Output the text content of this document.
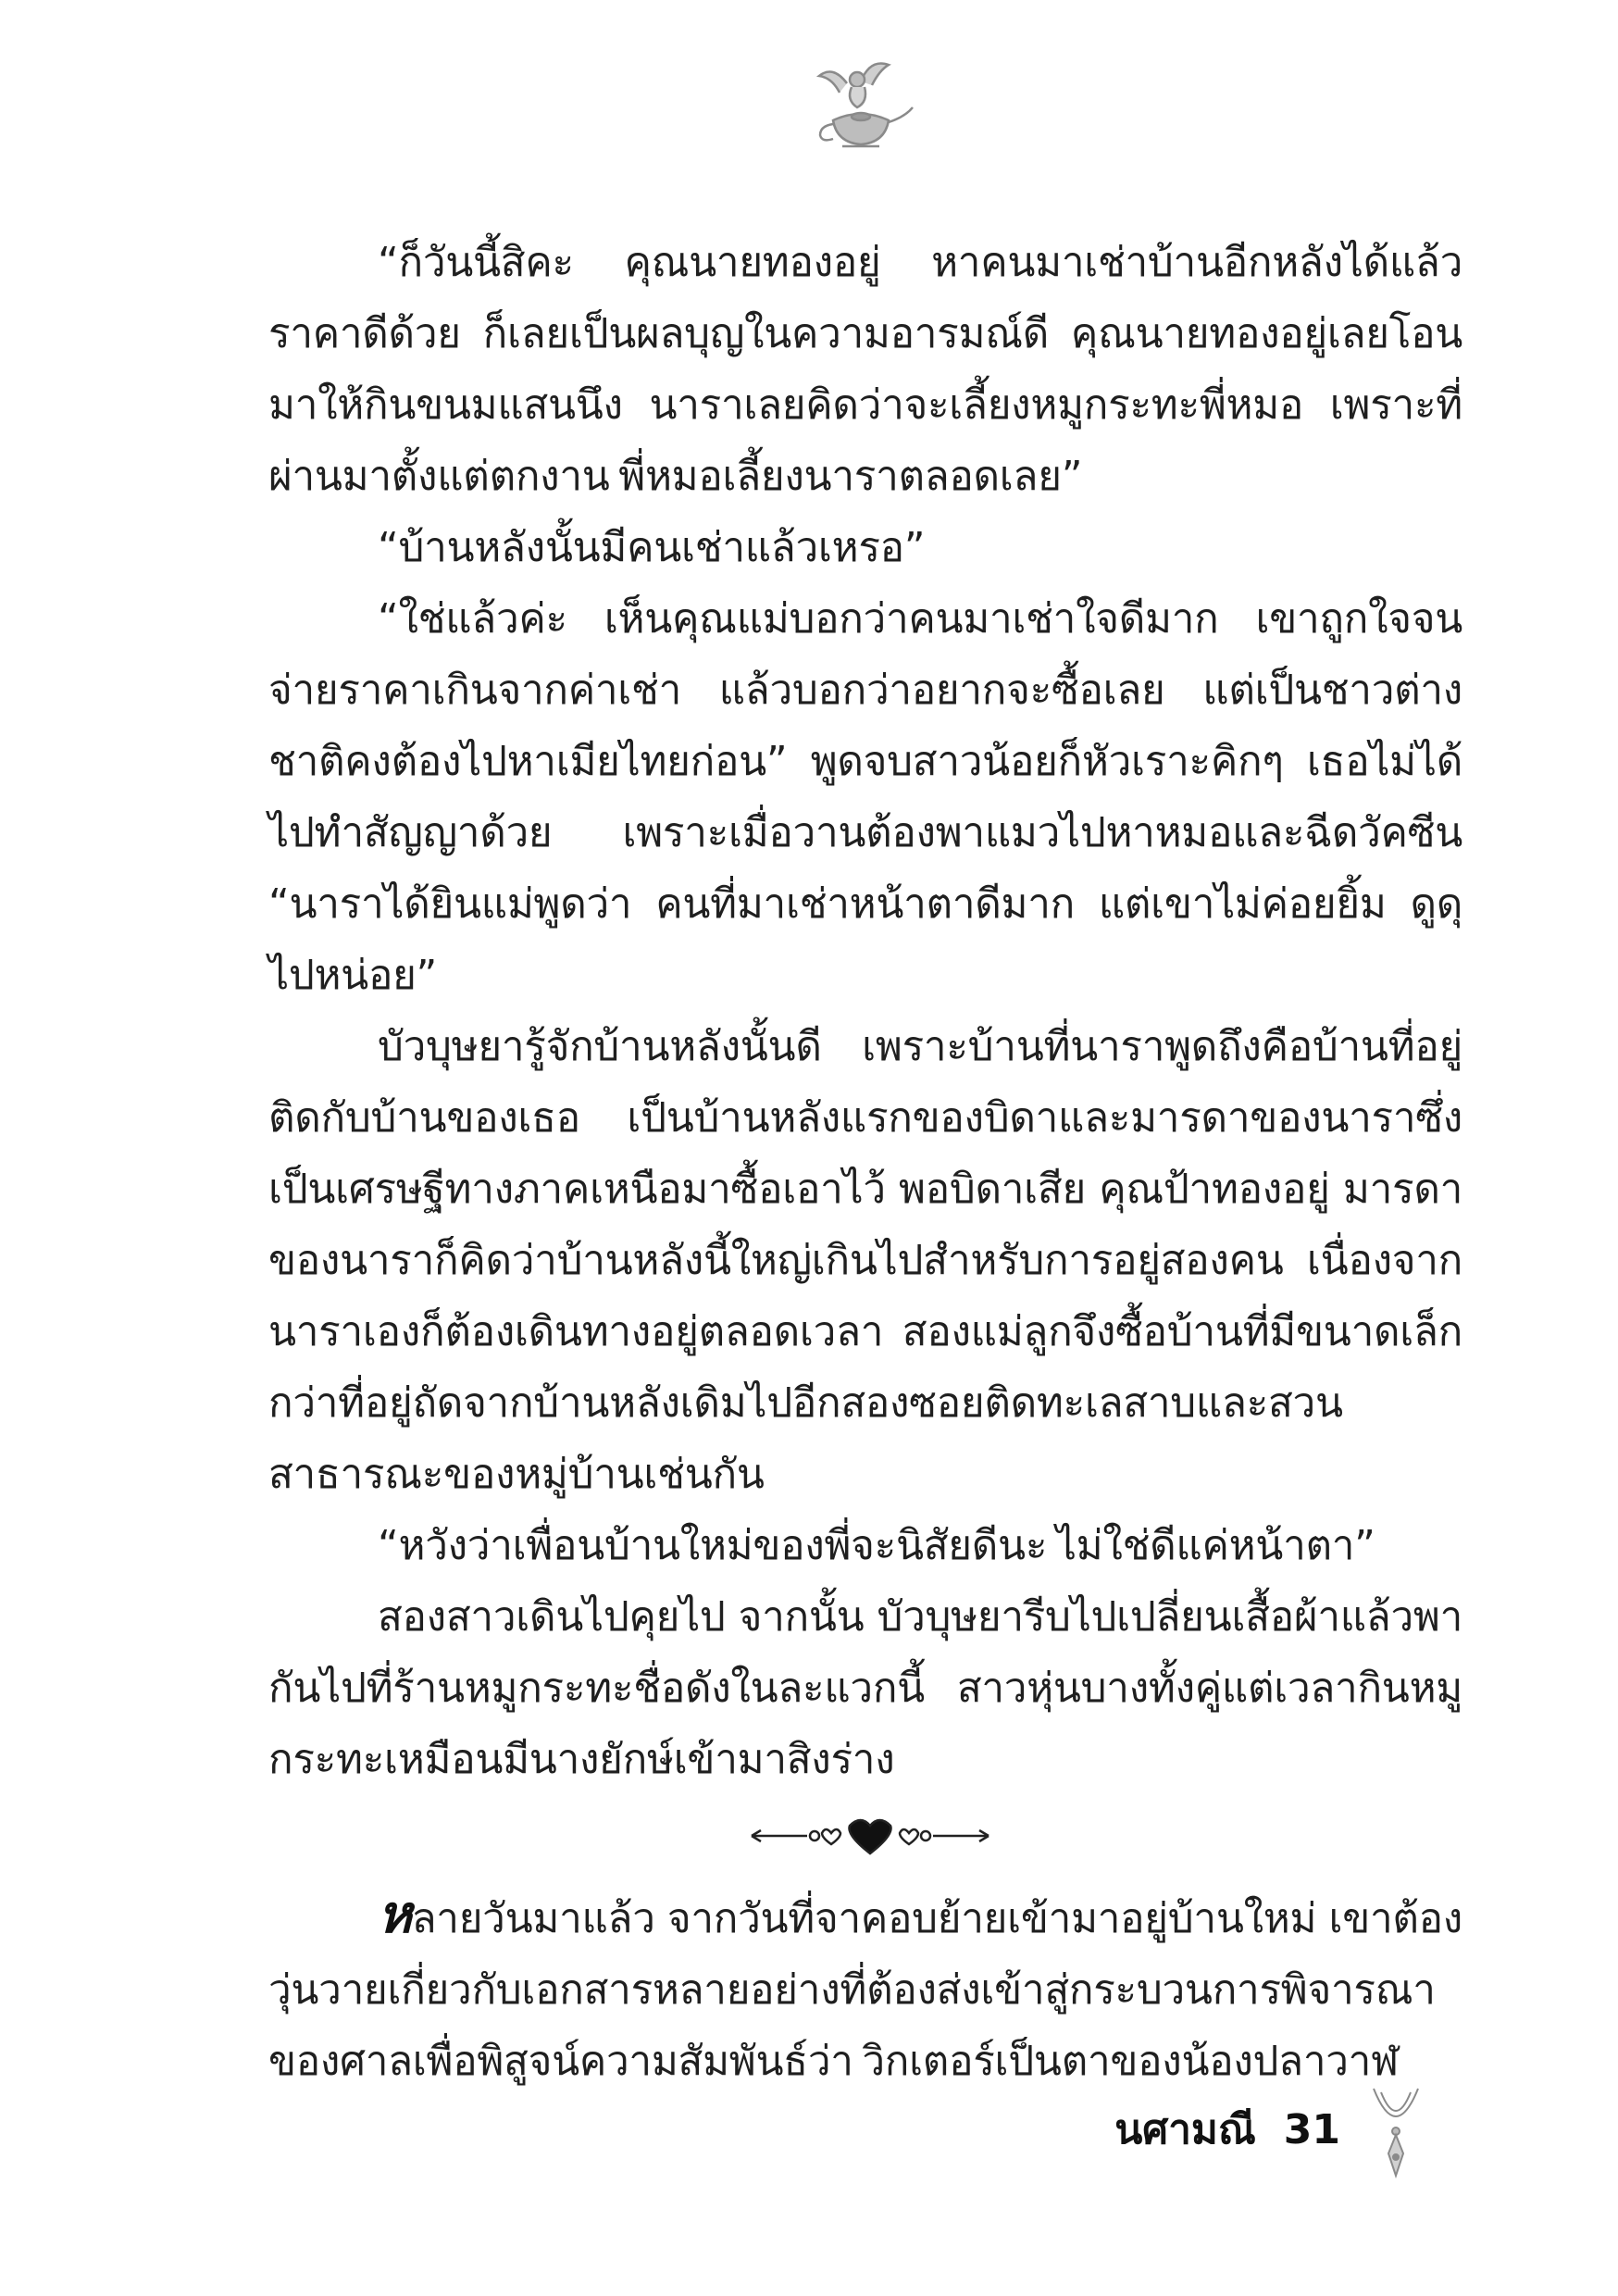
“ก็วันนี้สิคะ คุณนายทองอยู่ หาคนมาเช่าบ้านอีกหลังได้แล้ว ราคาดีด้วย ก็เลยเป็นผลบุญในความอารมณ์ดี คุณนายทองอยู่เลยโอนมาให้กินขนมแสนนึง นาราเลยคิดว่าจะเลี้ยงหมูกระทะพี่หมอ เพราะที่ผ่านมาตั้งแต่ตกงาน พี่หมอเลี้ยงนาราตลอดเลย”

“บ้านหลังนั้นมีคนเช่าแล้วเหรอ”

“ใช่แล้วค่ะ เห็นคุณแม่บอกว่าคนมาเช่าใจดีมาก เขาถูกใจจนจ่ายราคาเกินจากค่าเช่า แล้วบอกว่าอยากจะซื้อเลย แต่เป็นชาวต่างชาติคงต้องไปหาเมียไทยก่อน” พูดจบสาวน้อยก็หัวเราะคิกๆ เธอไม่ได้ไปทำสัญญาด้วย เพราะเมื่อวานต้องพาแมวไปหาหมอและฉีดวัคซีน “นาราได้ยินแม่พูดว่า คนที่มาเช่าหน้าตาดีมาก แต่เขาไม่ค่อยยิ้ม ดูดุไปหน่อย”

บัวบุษยารู้จักบ้านหลังนั้นดี เพราะบ้านที่นาราพูดถึงคือบ้านที่อยู่ติดกับบ้านของเธอ เป็นบ้านหลังแรกของบิดาและมารดาของนาราซึ่งเป็นเศรษฐีทางภาคเหนือมาซื้อเอาไว้ พอบิดาเสีย คุณป้าทองอยู่ มารดาของนาราก็คิดว่าบ้านหลังนี้ใหญ่เกินไปสำหรับการอยู่สองคน เนื่องจากนาราเองก็ต้องเดินทางอยู่ตลอดเวลา สองแม่ลูกจึงซื้อบ้านที่มีขนาดเล็กกว่าที่อยู่ถัดจากบ้านหลังเดิมไปอีกสองซอยติดทะเลสาบและสวนสาธารณะของหมู่บ้านเช่นกัน

“หวังว่าเพื่อนบ้านใหม่ของพี่จะนิสัยดีนะ ไม่ใช่ดีแค่หน้าตา”

สองสาวเดินไปคุยไป จากนั้น บัวบุษยารีบไปเปลี่ยนเสื้อผ้าแล้วพากันไปที่ร้านหมูกระทะชื่อดังในละแวกนี้ สาวหุ่นบางทั้งคู่แต่เวลากินหมูกระทะเหมือนมีนางยักษ์เข้ามาสิงร่าง

หลายวันมาแล้ว จากวันที่จาคอบย้ายเข้ามาอยู่บ้านใหม่ เขาต้องวุ่นวายเกี่ยวกับเอกสารหลายอย่างที่ต้องส่งเข้าสู่กระบวนการพิจารณาของศาลเพื่อพิสูจน์ความสัมพันธ์ว่า วิกเตอร์เป็นตาของน้องปลาวาฬ

นศามณี 31
